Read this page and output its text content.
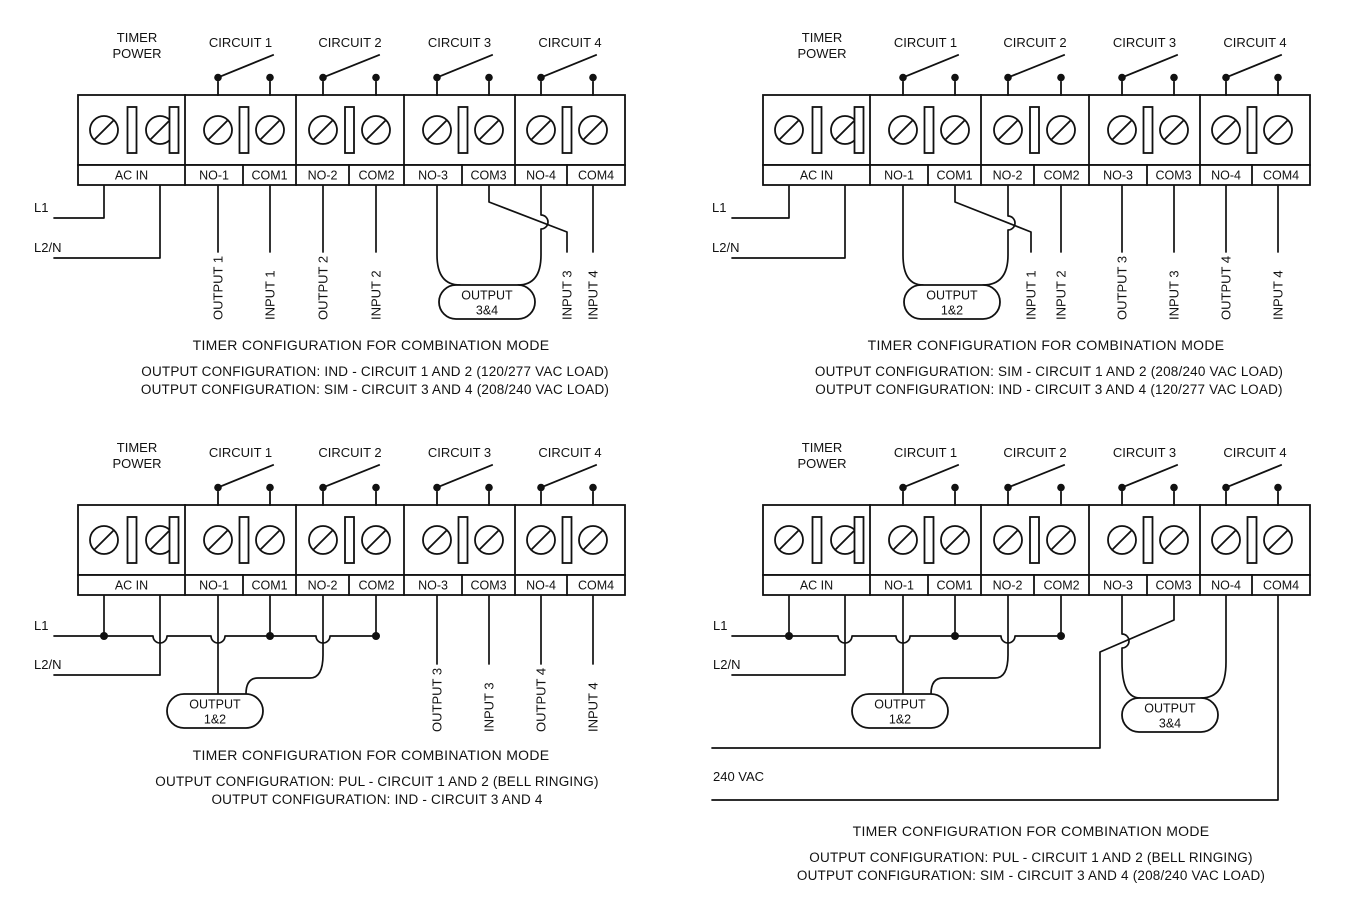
AC IN	NO-1 COM1 NO-2 COM2 NO-3 COM3 NO-4 COM4
CIRCUIT 1	CIRCUIT 2	CIRCUIT 3	CIRCUIT 4
TIMER
POWER
OUTPUT
3&4
OUTPUT 1	INPUT 1	OUTPUT 2	INPUT 2	INPUT 3 INPUT 4
L1
L2/N
TIMER CONFIGURATION FOR COMBINATION MODE
OUTPUT CONFIGURATION: IND - CIRCUIT 1 AND 2 (120/277 VAC LOAD)
OUTPUT CONFIGURATION: SIM - CIRCUIT 3 AND 4 (208/240 VAC LOAD)
AC IN	NO-1 COM1 NO-2 COM2 NO-3 COM3 NO-4 COM4
CIRCUIT 1	CIRCUIT 2	CIRCUIT 3	CIRCUIT 4
TIMER
POWER
OUTPUT
1&2	INPUT 1 INPUT 2	OUTPUT 3	INPUT 3	OUTPUT 4	INPUT 4
L1
L2/N
TIMER CONFIGURATION FOR COMBINATION MODE
OUTPUT CONFIGURATION: SIM - CIRCUIT 1 AND 2 (208/240 VAC LOAD)
OUTPUT CONFIGURATION: IND - CIRCUIT 3 AND 4 (120/277 VAC LOAD)
AC IN	NO-1 COM1 NO-2 COM2 NO-3 COM3 NO-4 COM4
CIRCUIT 1	CIRCUIT 2	CIRCUIT 3	CIRCUIT 4
TIMER
POWER
OUTPUT
1&2	OUTPUT 3	INPUT 3	OUTPUT 4	INPUT 4
L1
L2/N
TIMER CONFIGURATION FOR COMBINATION MODE
OUTPUT CONFIGURATION: PUL - CIRCUIT 1 AND 2 (BELL RINGING)
OUTPUT CONFIGURATION: IND - CIRCUIT 3 AND 4
AC IN	NO-1 COM1 NO-2 COM2 NO-3 COM3 NO-4 COM4
CIRCUIT 1	CIRCUIT 2	CIRCUIT 3	CIRCUIT 4
TIMER
POWER
OUTPUT
1&2
OUTPUT
3&4
L1
L2/N
240 VAC
TIMER CONFIGURATION FOR COMBINATION MODE
OUTPUT CONFIGURATION: PUL - CIRCUIT 1 AND 2 (BELL RINGING)
OUTPUT CONFIGURATION: SIM - CIRCUIT 3 AND 4 (208/240 VAC LOAD)
